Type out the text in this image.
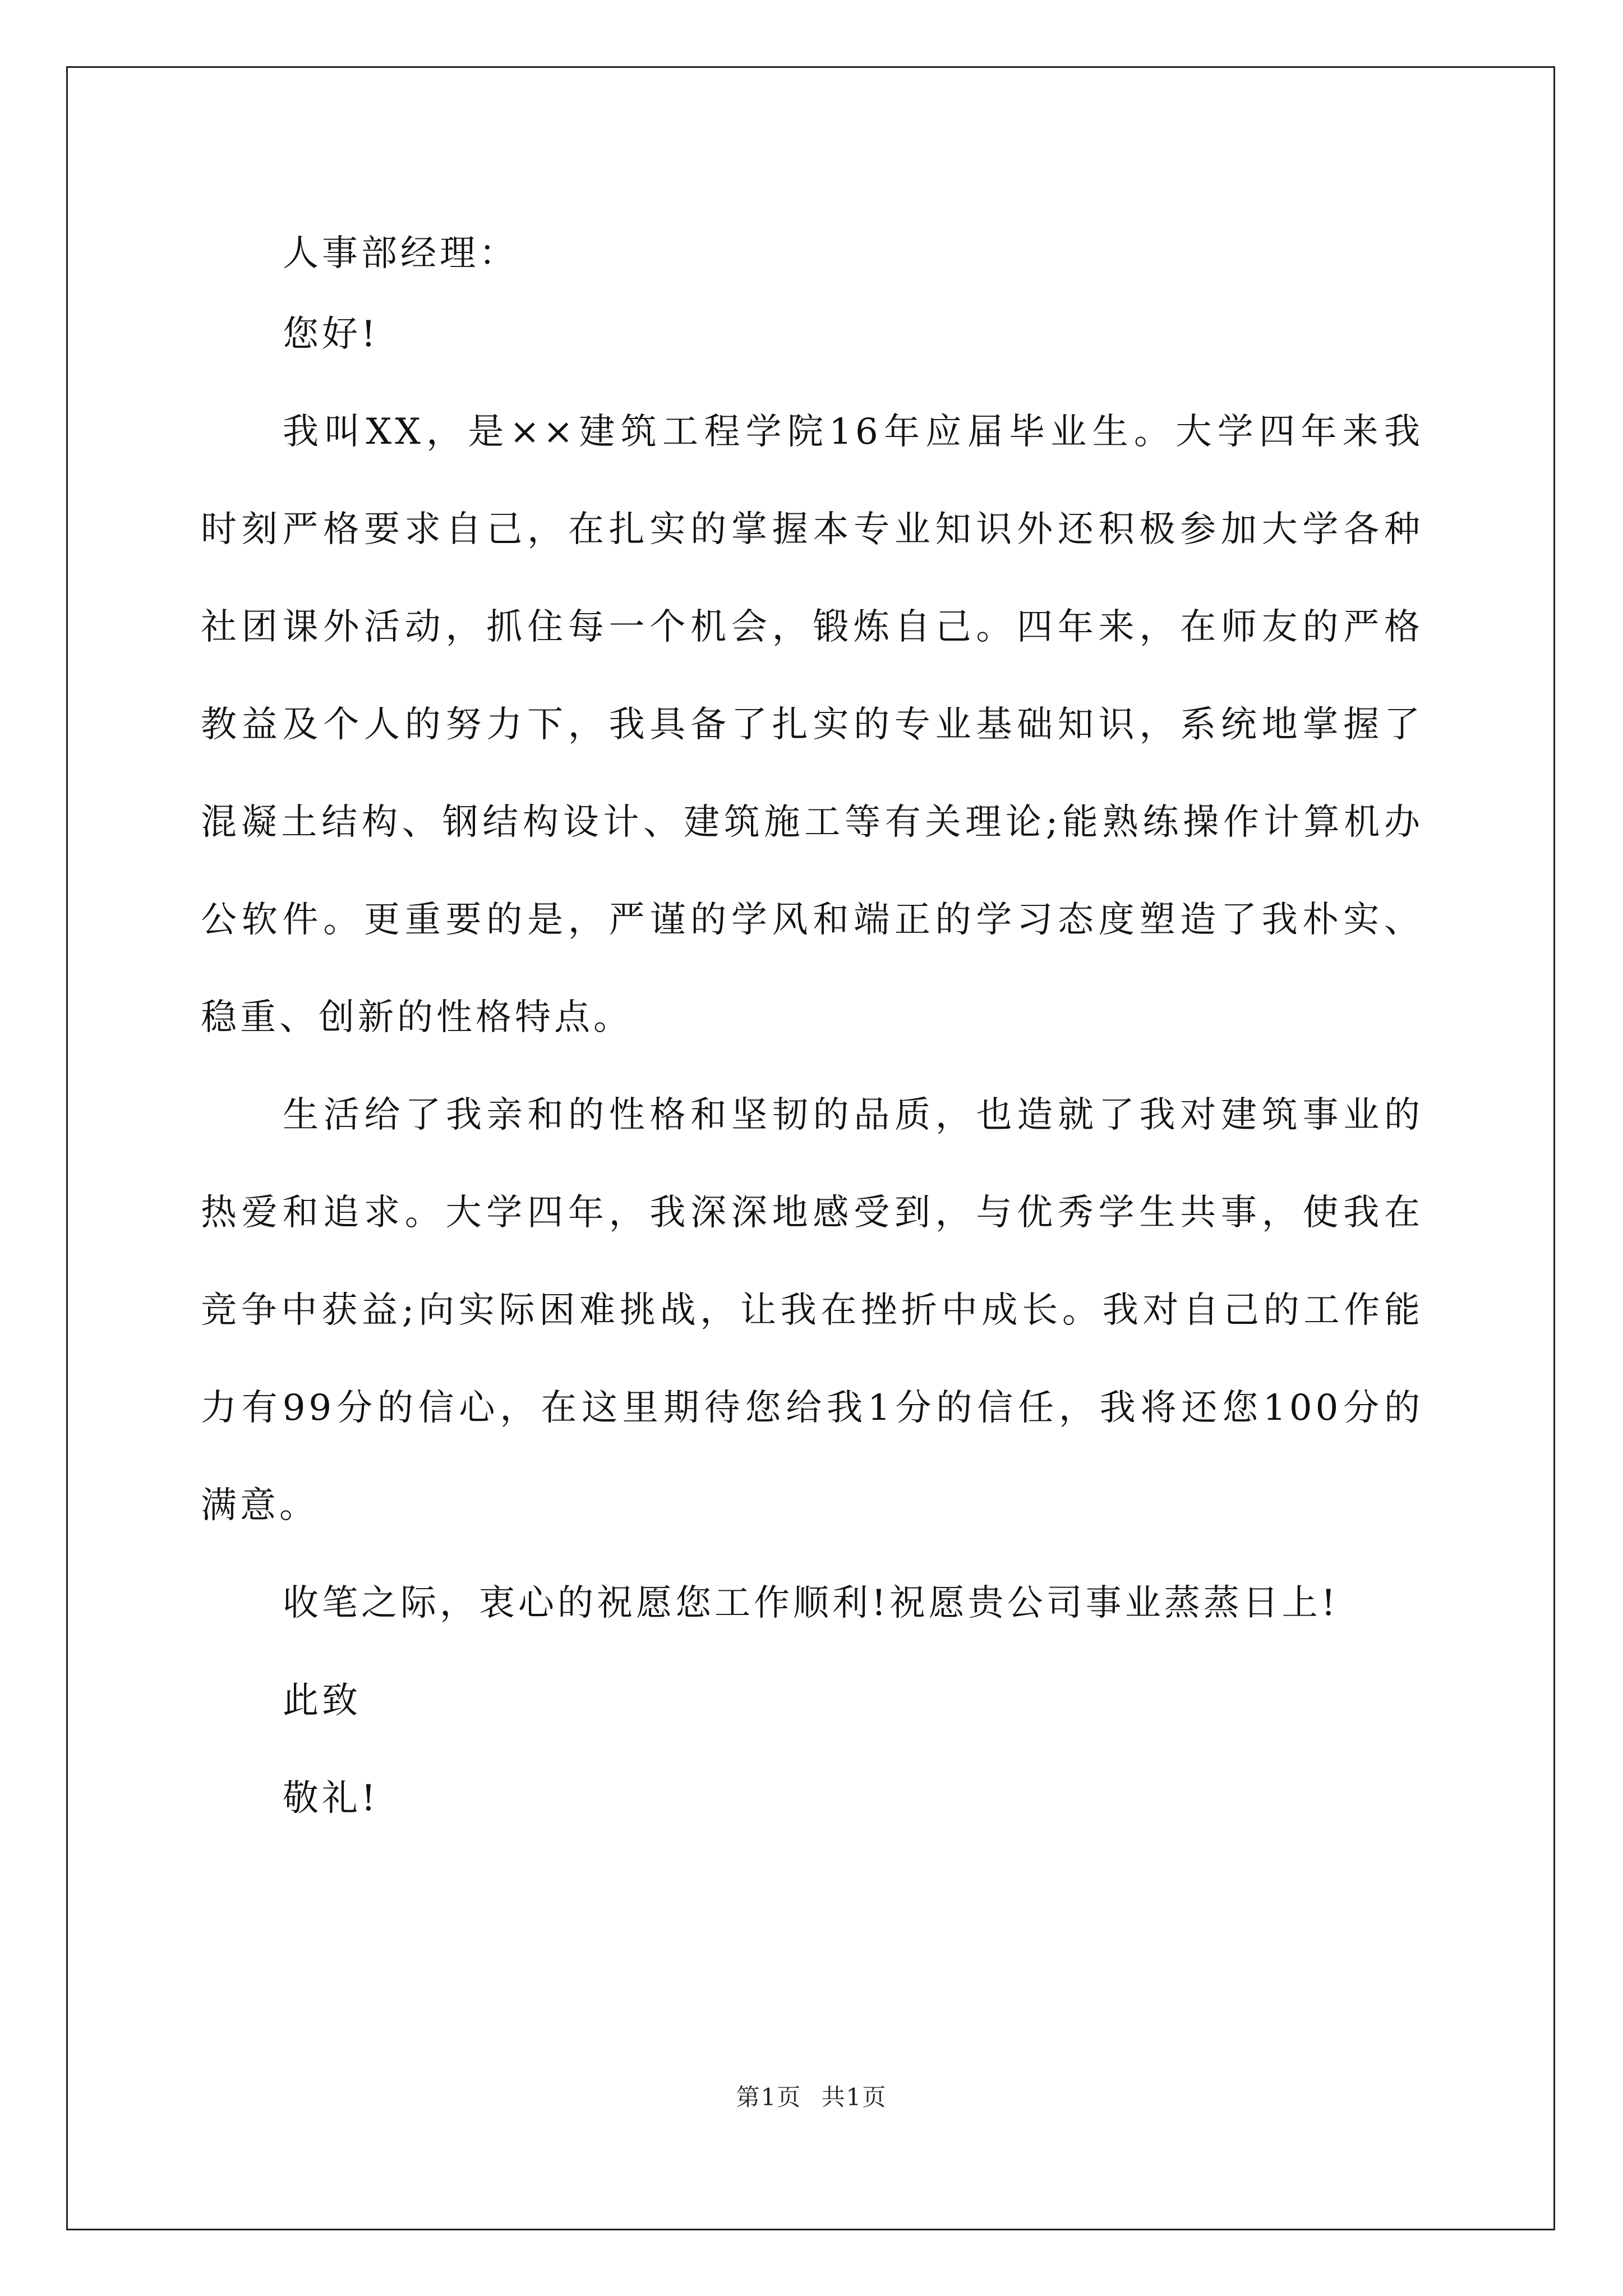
人事部经理：

您好!

我叫XX，是××建筑工程学院16年应届毕业生。大学四年来我

时刻严格要求自己，在扎实的掌握本专业知识外还积极参加大学各种

社团课外活动，抓住每一个机会，锻炼自己。四年来，在师友的严格

教益及个人的努力下，我具备了扎实的专业基础知识，系统地掌握了

混凝土结构、钢结构设计、建筑施工等有关理论;能熟练操作计算机办

公软件。更重要的是，严谨的学风和端正的学习态度塑造了我朴实、

稳重、创新的性格特点。

生活给了我亲和的性格和坚韧的品质，也造就了我对建筑事业的

热爱和追求。大学四年，我深深地感受到，与优秀学生共事，使我在

竞争中获益;向实际困难挑战，让我在挫折中成长。我对自己的工作能

力有99分的信心，在这里期待您给我1分的信任，我将还您100分的

满意。

收笔之际，衷心的祝愿您工作顺利!祝愿贵公司事业蒸蒸日上!

此致

敬礼!

第1页 共1页
